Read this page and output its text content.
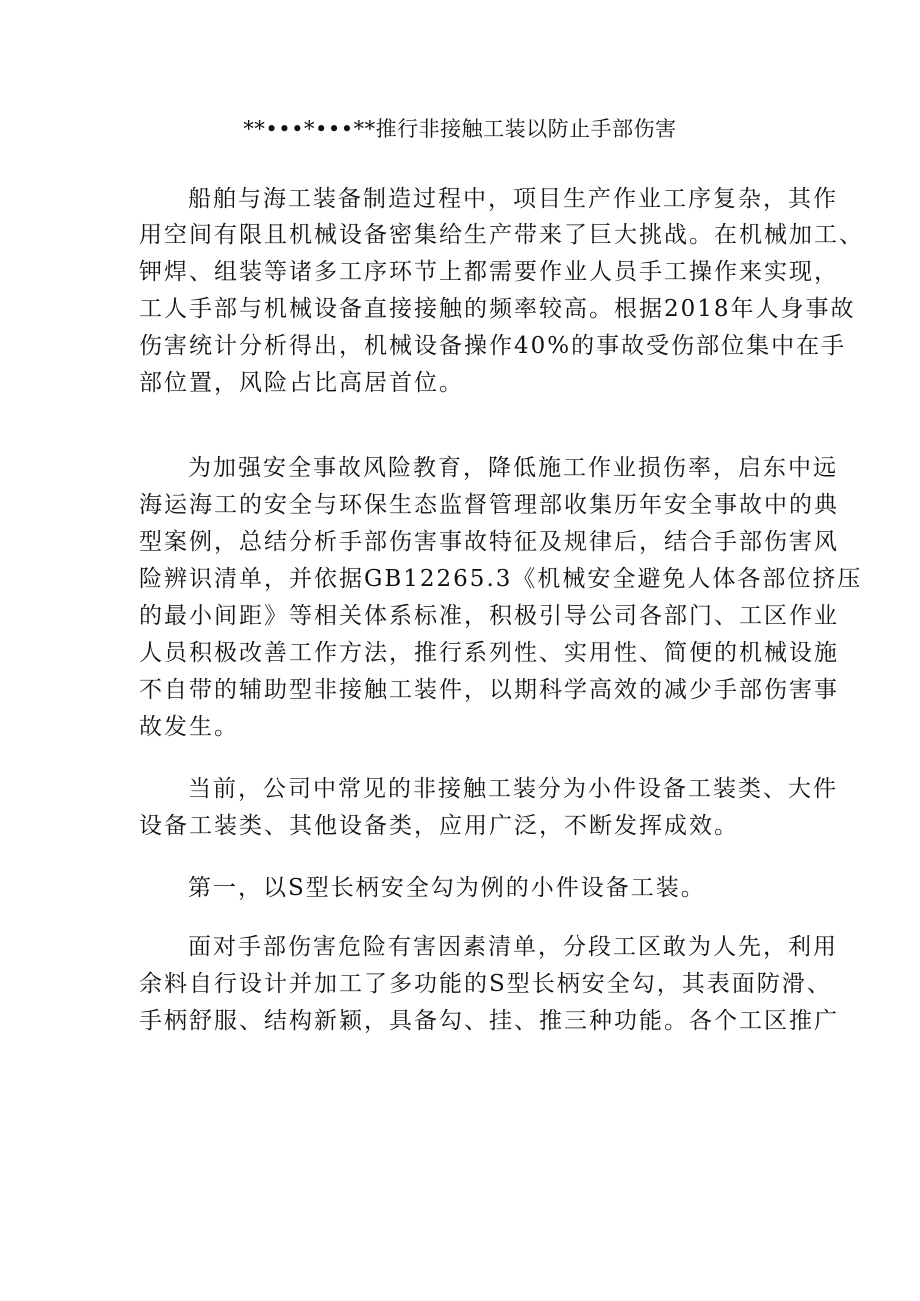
**•••*•••**推行非接触工装以防止手部伤害
船舶与海工装备制造过程中，项目生产作业工序复杂，其作
用空间有限且机械设备密集给生产带来了巨大挑战。在机械加工、
钾焊、组装等诸多工序环节上都需要作业人员手工操作来实现，
工人手部与机械设备直接接触的频率较高。根据2018年人身事故
伤害统计分析得出，机械设备操作40%的事故受伤部位集中在手
部位置，风险占比高居首位。
为加强安全事故风险教育，降低施工作业损伤率，启东中远
海运海工的安全与环保生态监督管理部收集历年安全事故中的典
型案例，总结分析手部伤害事故特征及规律后，结合手部伤害风
险辨识清单，并依据GB12265.3《机械安全避免人体各部位挤压
的最小间距》等相关体系标准，积极引导公司各部门、工区作业
人员积极改善工作方法，推行系列性、实用性、简便的机械设施
不自带的辅助型非接触工装件，以期科学高效的减少手部伤害事
故发生。
当前，公司中常见的非接触工装分为小件设备工装类、大件
设备工装类、其他设备类，应用广泛，不断发挥成效。
第一，以S型长柄安全勾为例的小件设备工装。
面对手部伤害危险有害因素清单，分段工区敢为人先，利用
余料自行设计并加工了多功能的S型长柄安全勾，其表面防滑、
手柄舒服、结构新颖，具备勾、挂、推三种功能。各个工区推广
